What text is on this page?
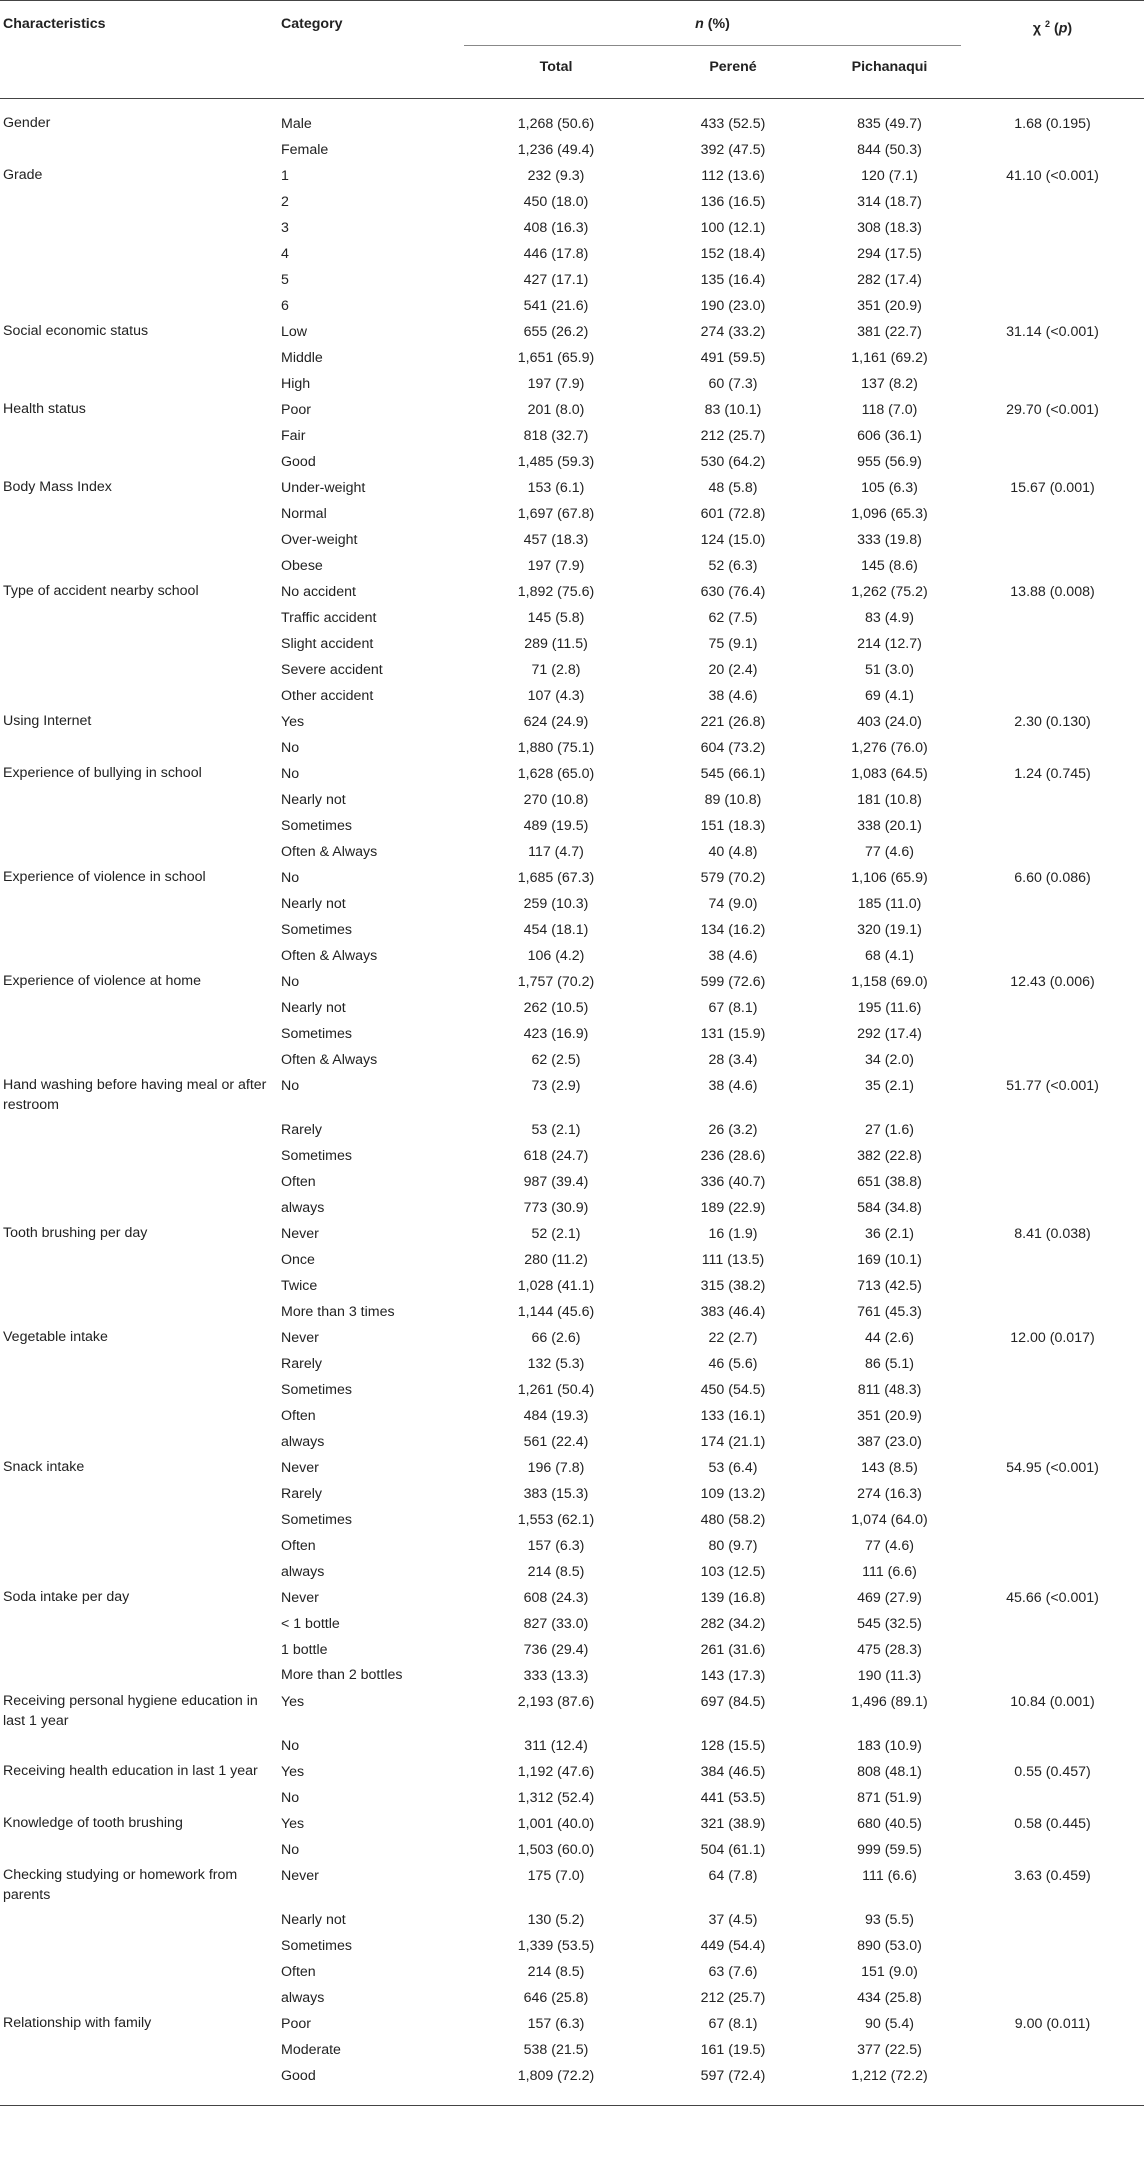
Characteristics	Category	n (%)			χ $^2$ (p)
		Total	Perené	Pichanaqui	

Gender	Male	1,268 (50.6)	433 (52.5)	835 (49.7)	1.68 (0.195)
	Female	1,236 (49.4)	392 (47.5)	844 (50.3)	
Grade	1	232 (9.3)	112 (13.6)	120 (7.1)	41.10 (<0.001)
	2	450 (18.0)	136 (16.5)	314 (18.7)	
	3	408 (16.3)	100 (12.1)	308 (18.3)	
	4	446 (17.8)	152 (18.4)	294 (17.5)	
	5	427 (17.1)	135 (16.4)	282 (17.4)	
	6	541 (21.6)	190 (23.0)	351 (20.9)	
Social economic status	Low	655 (26.2)	274 (33.2)	381 (22.7)	31.14 (<0.001)
	Middle	1,651 (65.9)	491 (59.5)	1,161 (69.2)	
	High	197 (7.9)	60 (7.3)	137 (8.2)	
Health status	Poor	201 (8.0)	83 (10.1)	118 (7.0)	29.70 (<0.001)
	Fair	818 (32.7)	212 (25.7)	606 (36.1)	
	Good	1,485 (59.3)	530 (64.2)	955 (56.9)	
Body Mass Index	Under-weight	153 (6.1)	48 (5.8)	105 (6.3)	15.67 (0.001)
	Normal	1,697 (67.8)	601 (72.8)	1,096 (65.3)	
	Over-weight	457 (18.3)	124 (15.0)	333 (19.8)	
	Obese	197 (7.9)	52 (6.3)	145 (8.6)	
Type of accident nearby school	No accident	1,892 (75.6)	630 (76.4)	1,262 (75.2)	13.88 (0.008)
	Traffic accident	145 (5.8)	62 (7.5)	83 (4.9)	
	Slight accident	289 (11.5)	75 (9.1)	214 (12.7)	
	Severe accident	71 (2.8)	20 (2.4)	51 (3.0)	
	Other accident	107 (4.3)	38 (4.6)	69 (4.1)	
Using Internet	Yes	624 (24.9)	221 (26.8)	403 (24.0)	2.30 (0.130)
	No	1,880 (75.1)	604 (73.2)	1,276 (76.0)	
Experience of bullying in school	No	1,628 (65.0)	545 (66.1)	1,083 (64.5)	1.24 (0.745)
	Nearly not	270 (10.8)	89 (10.8)	181 (10.8)	
	Sometimes	489 (19.5)	151 (18.3)	338 (20.1)	
	Often & Always	117 (4.7)	40 (4.8)	77 (4.6)	
Experience of violence in school	No	1,685 (67.3)	579 (70.2)	1,106 (65.9)	6.60 (0.086)
	Nearly not	259 (10.3)	74 (9.0)	185 (11.0)	
	Sometimes	454 (18.1)	134 (16.2)	320 (19.1)	
	Often & Always	106 (4.2)	38 (4.6)	68 (4.1)	
Experience of violence at home	No	1,757 (70.2)	599 (72.6)	1,158 (69.0)	12.43 (0.006)
	Nearly not	262 (10.5)	67 (8.1)	195 (11.6)	
	Sometimes	423 (16.9)	131 (15.9)	292 (17.4)	
	Often & Always	62 (2.5)	28 (3.4)	34 (2.0)	
Hand washing before having meal or after restroom	No	73 (2.9)	38 (4.6)	35 (2.1)	51.77 (<0.001)
	Rarely	53 (2.1)	26 (3.2)	27 (1.6)	
	Sometimes	618 (24.7)	236 (28.6)	382 (22.8)	
	Often	987 (39.4)	336 (40.7)	651 (38.8)	
	always	773 (30.9)	189 (22.9)	584 (34.8)	
Tooth brushing per day	Never	52 (2.1)	16 (1.9)	36 (2.1)	8.41 (0.038)
	Once	280 (11.2)	111 (13.5)	169 (10.1)	
	Twice	1,028 (41.1)	315 (38.2)	713 (42.5)	
	More than 3 times	1,144 (45.6)	383 (46.4)	761 (45.3)	
Vegetable intake	Never	66 (2.6)	22 (2.7)	44 (2.6)	12.00 (0.017)
	Rarely	132 (5.3)	46 (5.6)	86 (5.1)	
	Sometimes	1,261 (50.4)	450 (54.5)	811 (48.3)	
	Often	484 (19.3)	133 (16.1)	351 (20.9)	
	always	561 (22.4)	174 (21.1)	387 (23.0)	
Snack intake	Never	196 (7.8)	53 (6.4)	143 (8.5)	54.95 (<0.001)
	Rarely	383 (15.3)	109 (13.2)	274 (16.3)	
	Sometimes	1,553 (62.1)	480 (58.2)	1,074 (64.0)	
	Often	157 (6.3)	80 (9.7)	77 (4.6)	
	always	214 (8.5)	103 (12.5)	111 (6.6)	
Soda intake per day	Never	608 (24.3)	139 (16.8)	469 (27.9)	45.66 (<0.001)
	< 1 bottle	827 (33.0)	282 (34.2)	545 (32.5)	
	1 bottle	736 (29.4)	261 (31.6)	475 (28.3)	
	More than 2 bottles	333 (13.3)	143 (17.3)	190 (11.3)	
Receiving personal hygiene education in last 1 year	Yes	2,193 (87.6)	697 (84.5)	1,496 (89.1)	10.84 (0.001)
	No	311 (12.4)	128 (15.5)	183 (10.9)	
Receiving health education in last 1 year	Yes	1,192 (47.6)	384 (46.5)	808 (48.1)	0.55 (0.457)
	No	1,312 (52.4)	441 (53.5)	871 (51.9)	
Knowledge of tooth brushing	Yes	1,001 (40.0)	321 (38.9)	680 (40.5)	0.58 (0.445)
	No	1,503 (60.0)	504 (61.1)	999 (59.5)	
Checking studying or homework from parents	Never	175 (7.0)	64 (7.8)	111 (6.6)	3.63 (0.459)
	Nearly not	130 (5.2)	37 (4.5)	93 (5.5)	
	Sometimes	1,339 (53.5)	449 (54.4)	890 (53.0)	
	Often	214 (8.5)	63 (7.6)	151 (9.0)	
	always	646 (25.8)	212 (25.7)	434 (25.8)	
Relationship with family	Poor	157 (6.3)	67 (8.1)	90 (5.4)	9.00 (0.011)
	Moderate	538 (21.5)	161 (19.5)	377 (22.5)	
	Good	1,809 (72.2)	597 (72.4)	1,212 (72.2)	
